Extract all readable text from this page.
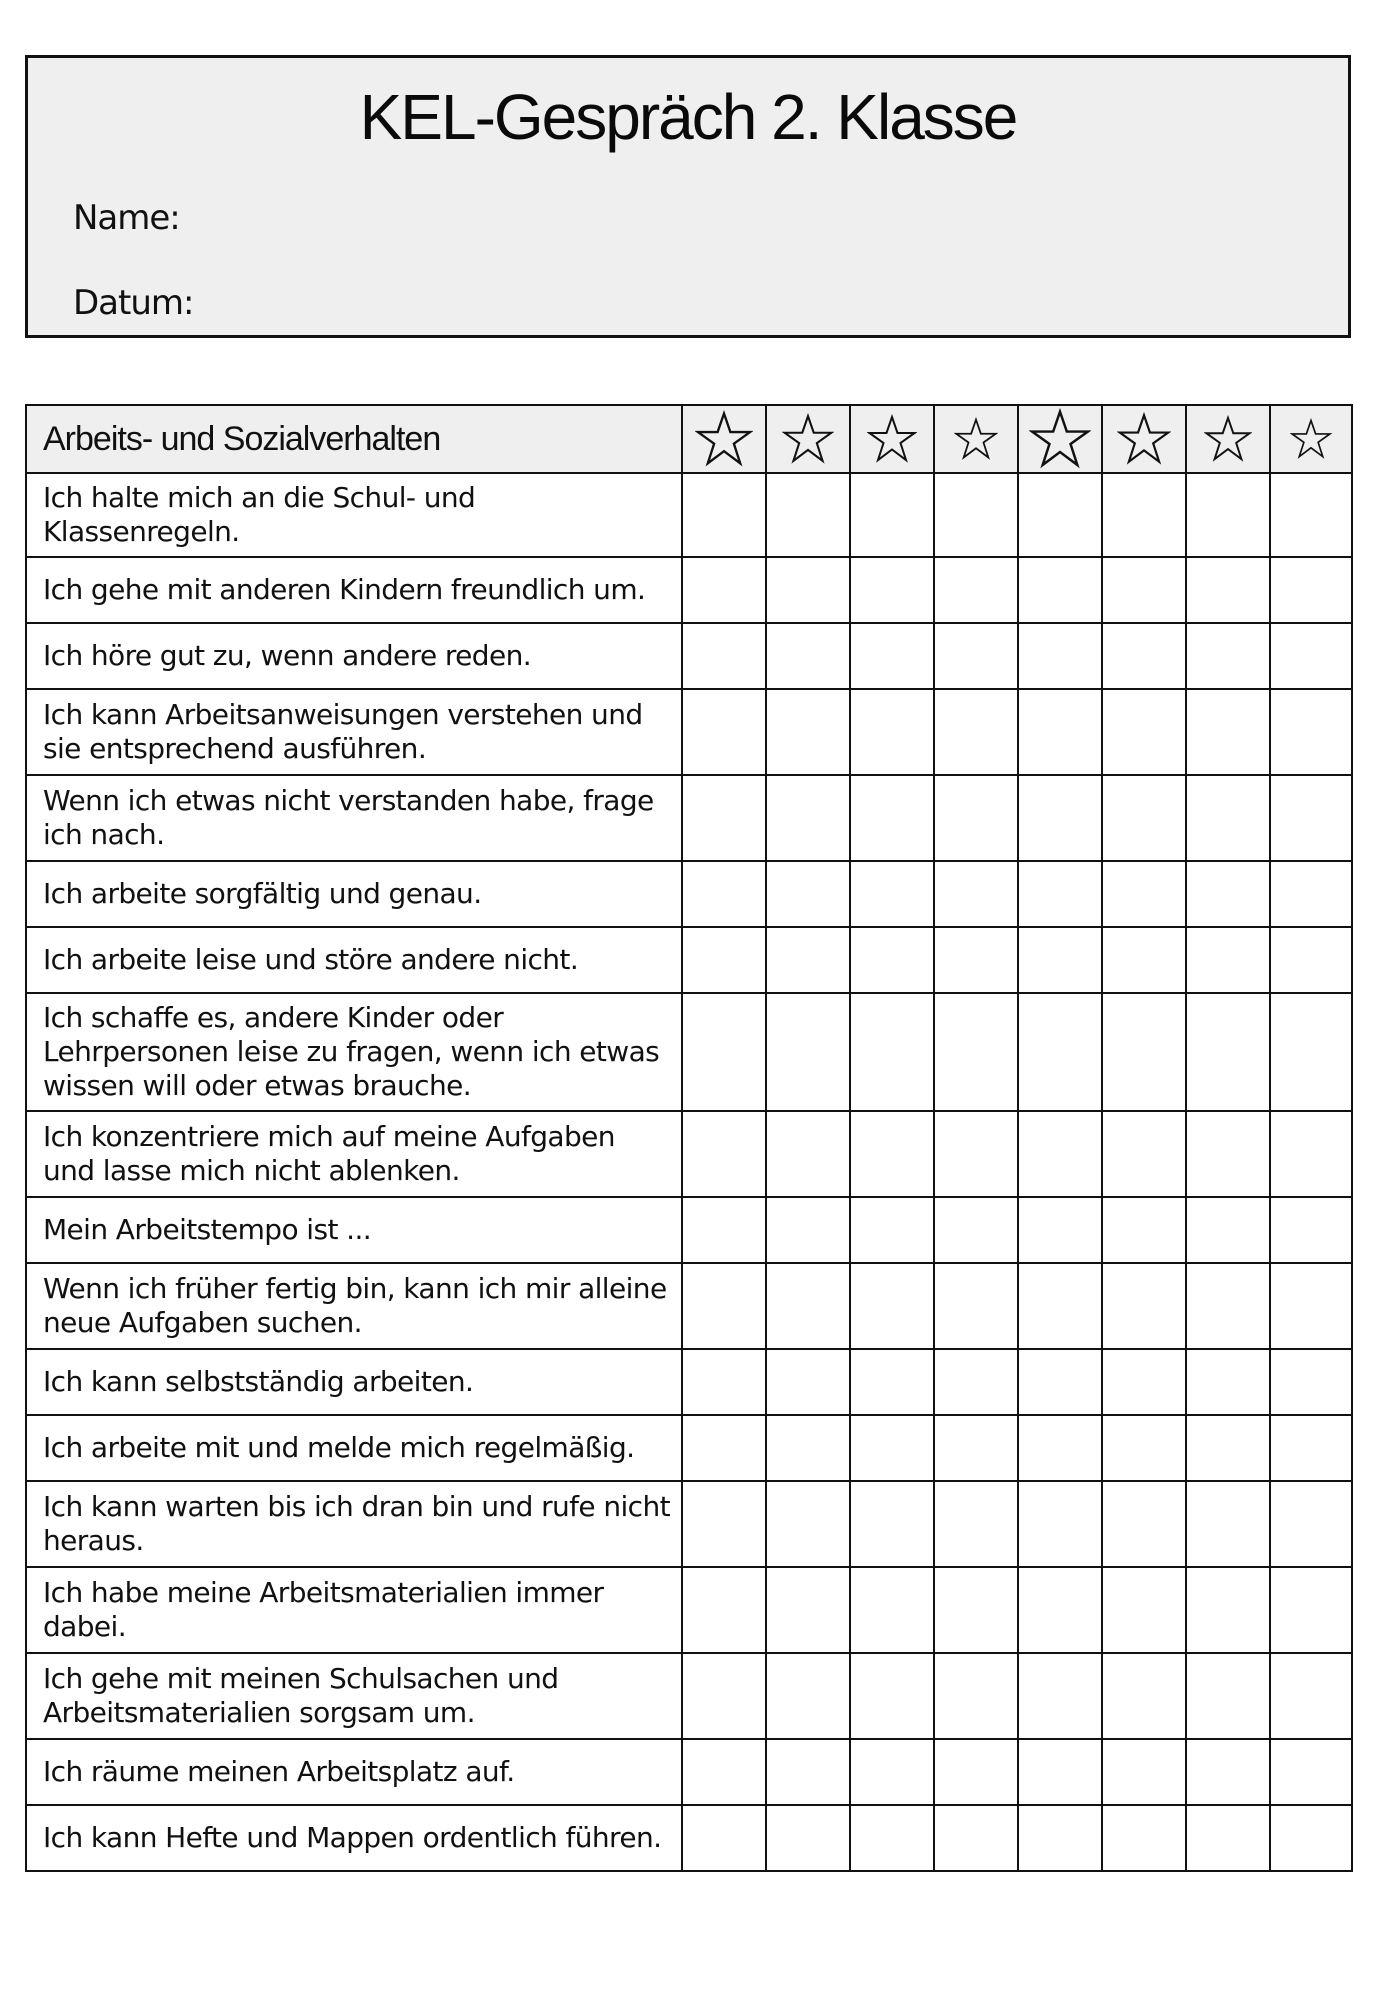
KEL-Gespräch 2. Klasse
Name:
Datum:
Arbeits- und Sozialverhalten								
Ich halte mich an die Schul- und Klassenregeln.								
Ich gehe mit anderen Kindern freundlich um.								
Ich höre gut zu, wenn andere reden.								
Ich kann Arbeitsanweisungen verstehen und sie entsprechend ausführen.								
Wenn ich etwas nicht verstanden habe, frage ich nach.								
Ich arbeite sorgfältig und genau.								
Ich arbeite leise und störe andere nicht.								
Ich schaffe es, andere Kinder oder Lehrpersonen leise zu fragen, wenn ich etwas wissen will oder etwas brauche.								
Ich konzentriere mich auf meine Aufgaben und lasse mich nicht ablenken.								
Mein Arbeitstempo ist ...								
Wenn ich früher fertig bin, kann ich mir alleine neue Aufgaben suchen.								
Ich kann selbstständig arbeiten.								
Ich arbeite mit und melde mich regelmäßig.								
Ich kann warten bis ich dran bin und rufe nicht heraus.								
Ich habe meine Arbeitsmaterialien immer dabei.								
Ich gehe mit meinen Schulsachen und Arbeitsmaterialien sorgsam um.								
Ich räume meinen Arbeitsplatz auf.								
Ich kann Hefte und Mappen ordentlich führen.								
